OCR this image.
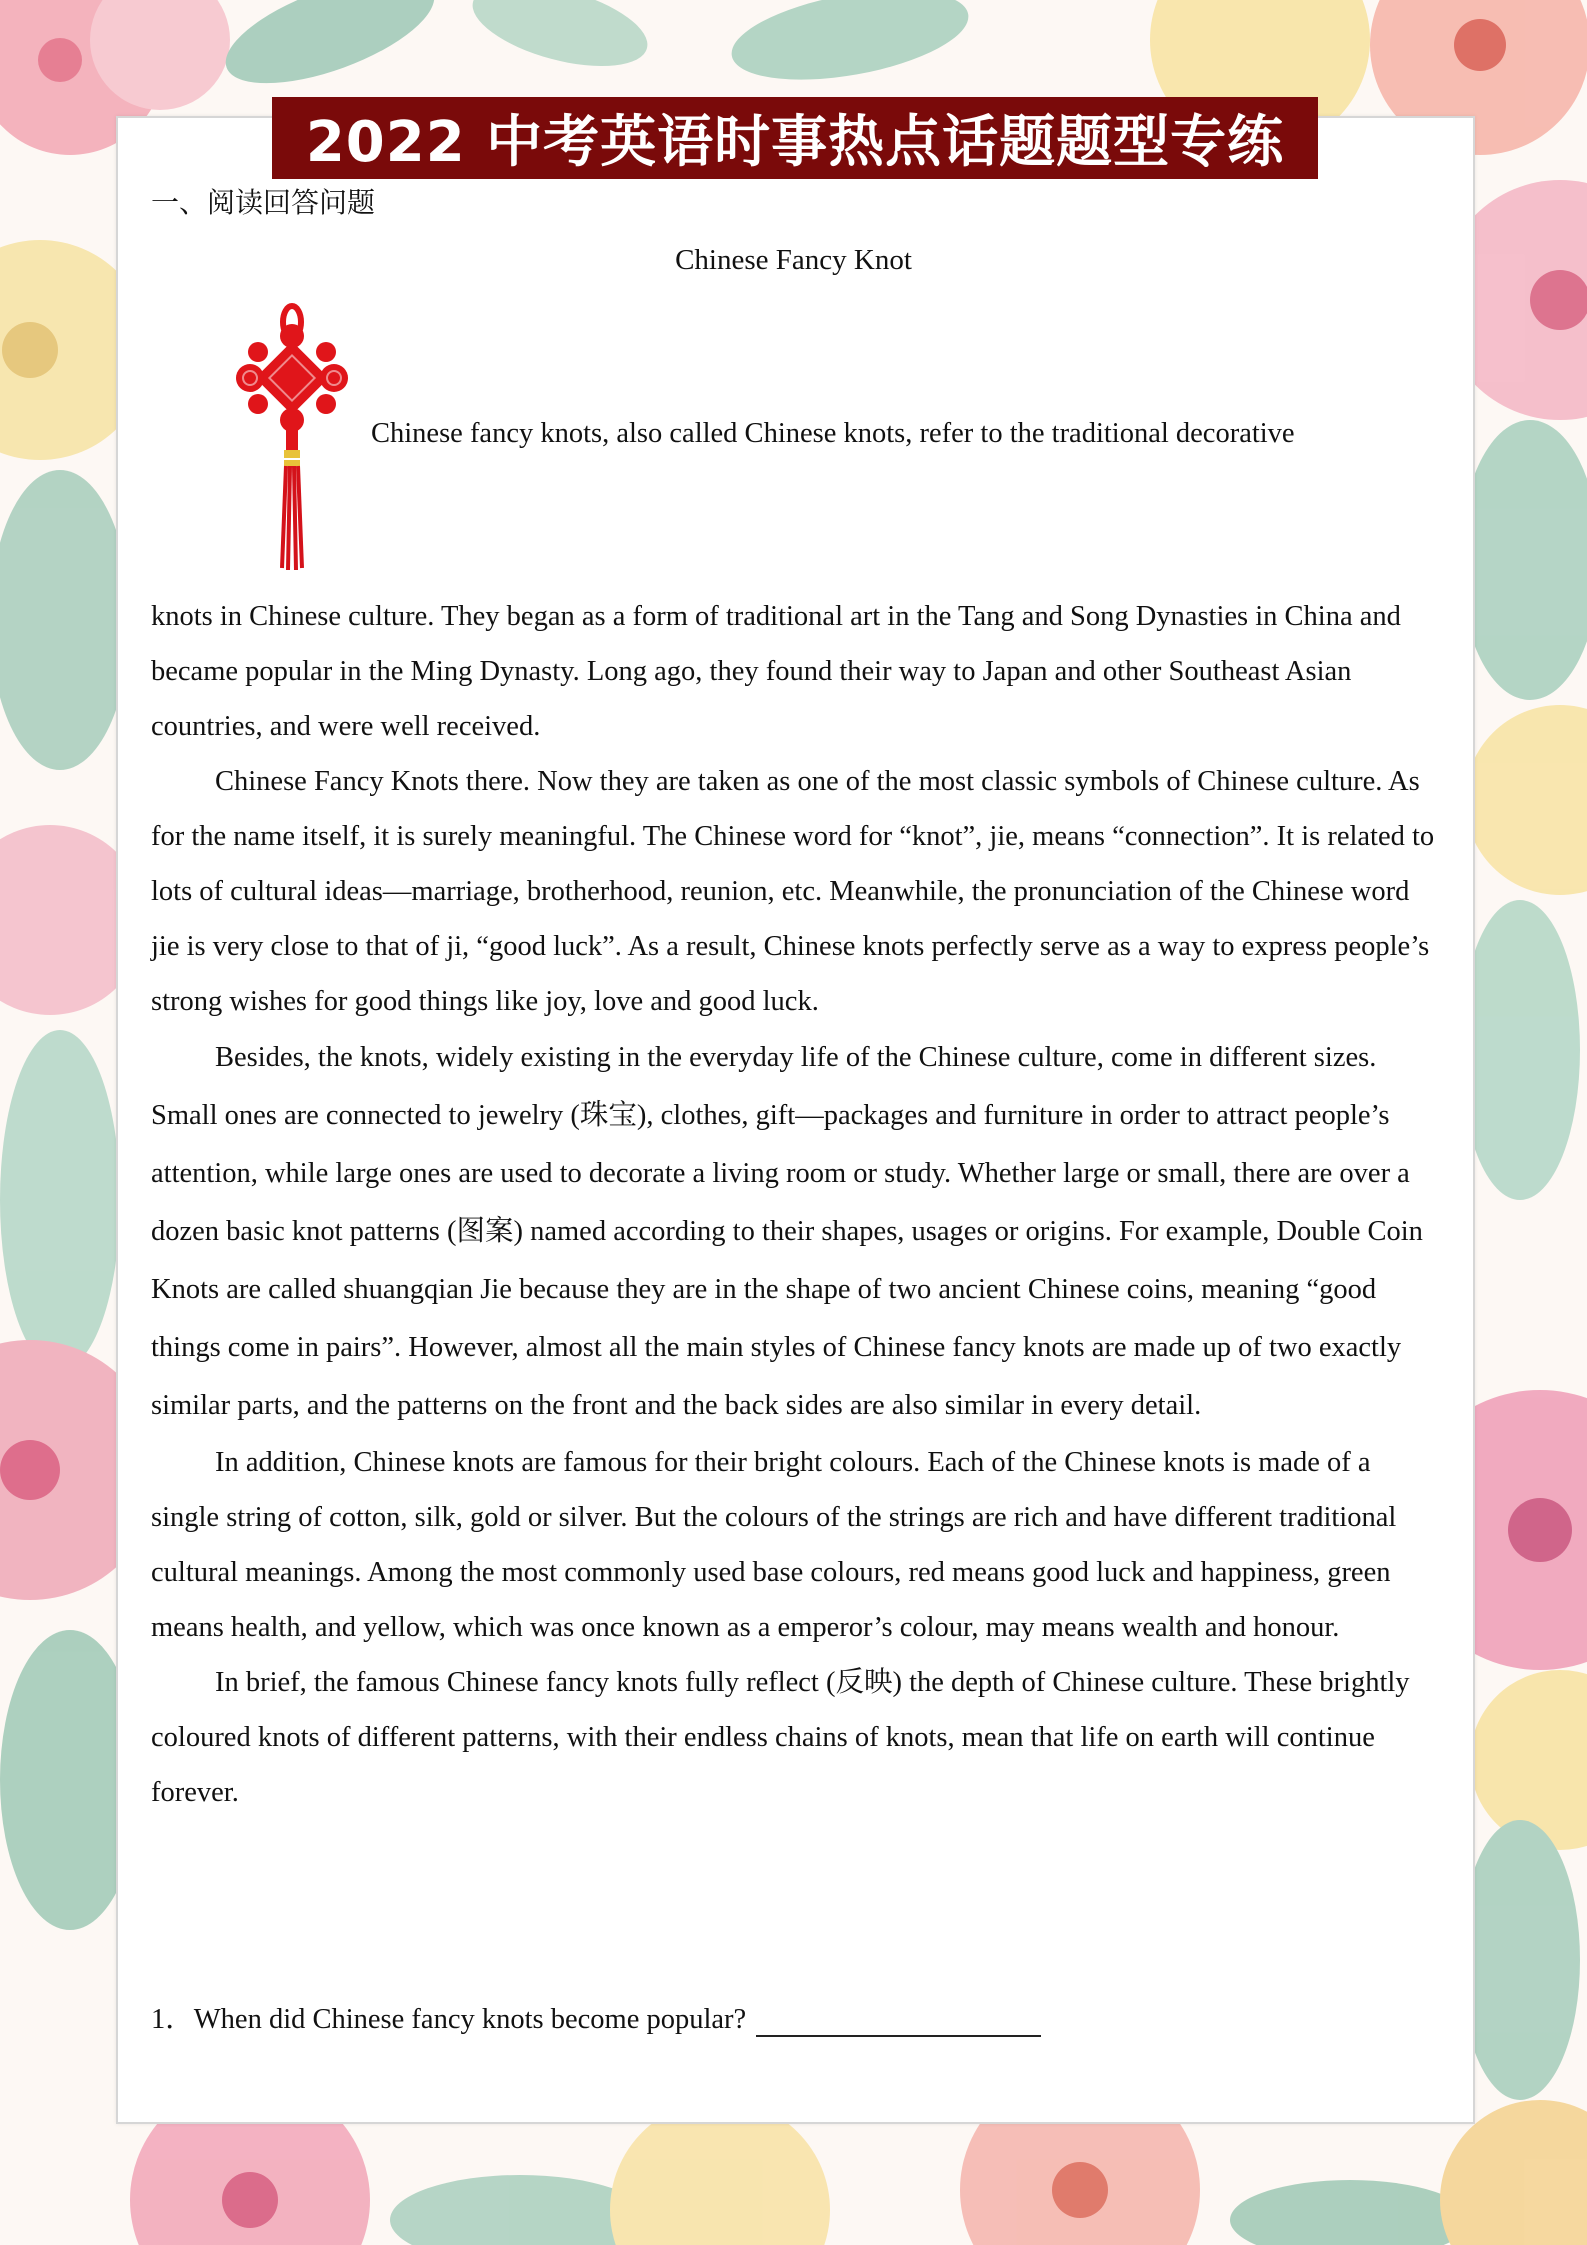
2022 中考英语时事热点话题题型专练
一、阅读回答问题
Chinese Fancy Knot
Chinese fancy knots, also called Chinese knots, refer to the traditional decorative

knots in Chinese culture. They began as a form of traditional art in the Tang and Song Dynasties in China and became popular in the Ming Dynasty. Long ago, they found their way to Japan and other Southeast Asian countries, and were well received.

Chinese Fancy Knots there. Now they are taken as one of the most classic symbols of Chinese culture. As for the name itself, it is surely meaningful. The Chinese word for “knot”, jie, means “connection”. It is related to lots of cultural ideas—marriage, brotherhood, reunion, etc. Meanwhile, the pronunciation of the Chinese word jie is very close to that of ji, “good luck”. As a result, Chinese knots perfectly serve as a way to express people’s strong wishes for good things like joy, love and good luck.

Besides, the knots, widely existing in the everyday life of the Chinese culture, come in different sizes. Small ones are connected to jewelry (珠宝), clothes, gift—packages and furniture in order to attract people’s attention, while large ones are used to decorate a living room or study. Whether large or small, there are over a dozen basic knot patterns (图案) named according to their shapes, usages or origins. For example, Double Coin Knots are called shuangqian Jie because they are in the shape of two ancient Chinese coins, meaning “good things come in pairs”. However, almost all the main styles of Chinese fancy knots are made up of two exactly similar parts, and the patterns on the front and the back sides are also similar in every detail.

In addition, Chinese knots are famous for their bright colours. Each of the Chinese knots is made of a single string of cotton, silk, gold or silver. But the colours of the strings are rich and have different traditional cultural meanings. Among the most commonly used base colours, red means good luck and happiness, green means health, and yellow, which was once known as a emperor’s colour, may means wealth and honour.

In brief, the famous Chinese fancy knots fully reflect (反映) the depth of Chinese culture. These brightly coloured knots of different patterns, with their endless chains of knots, mean that life on earth will continue forever.

1．When did Chinese fancy knots become popular?
